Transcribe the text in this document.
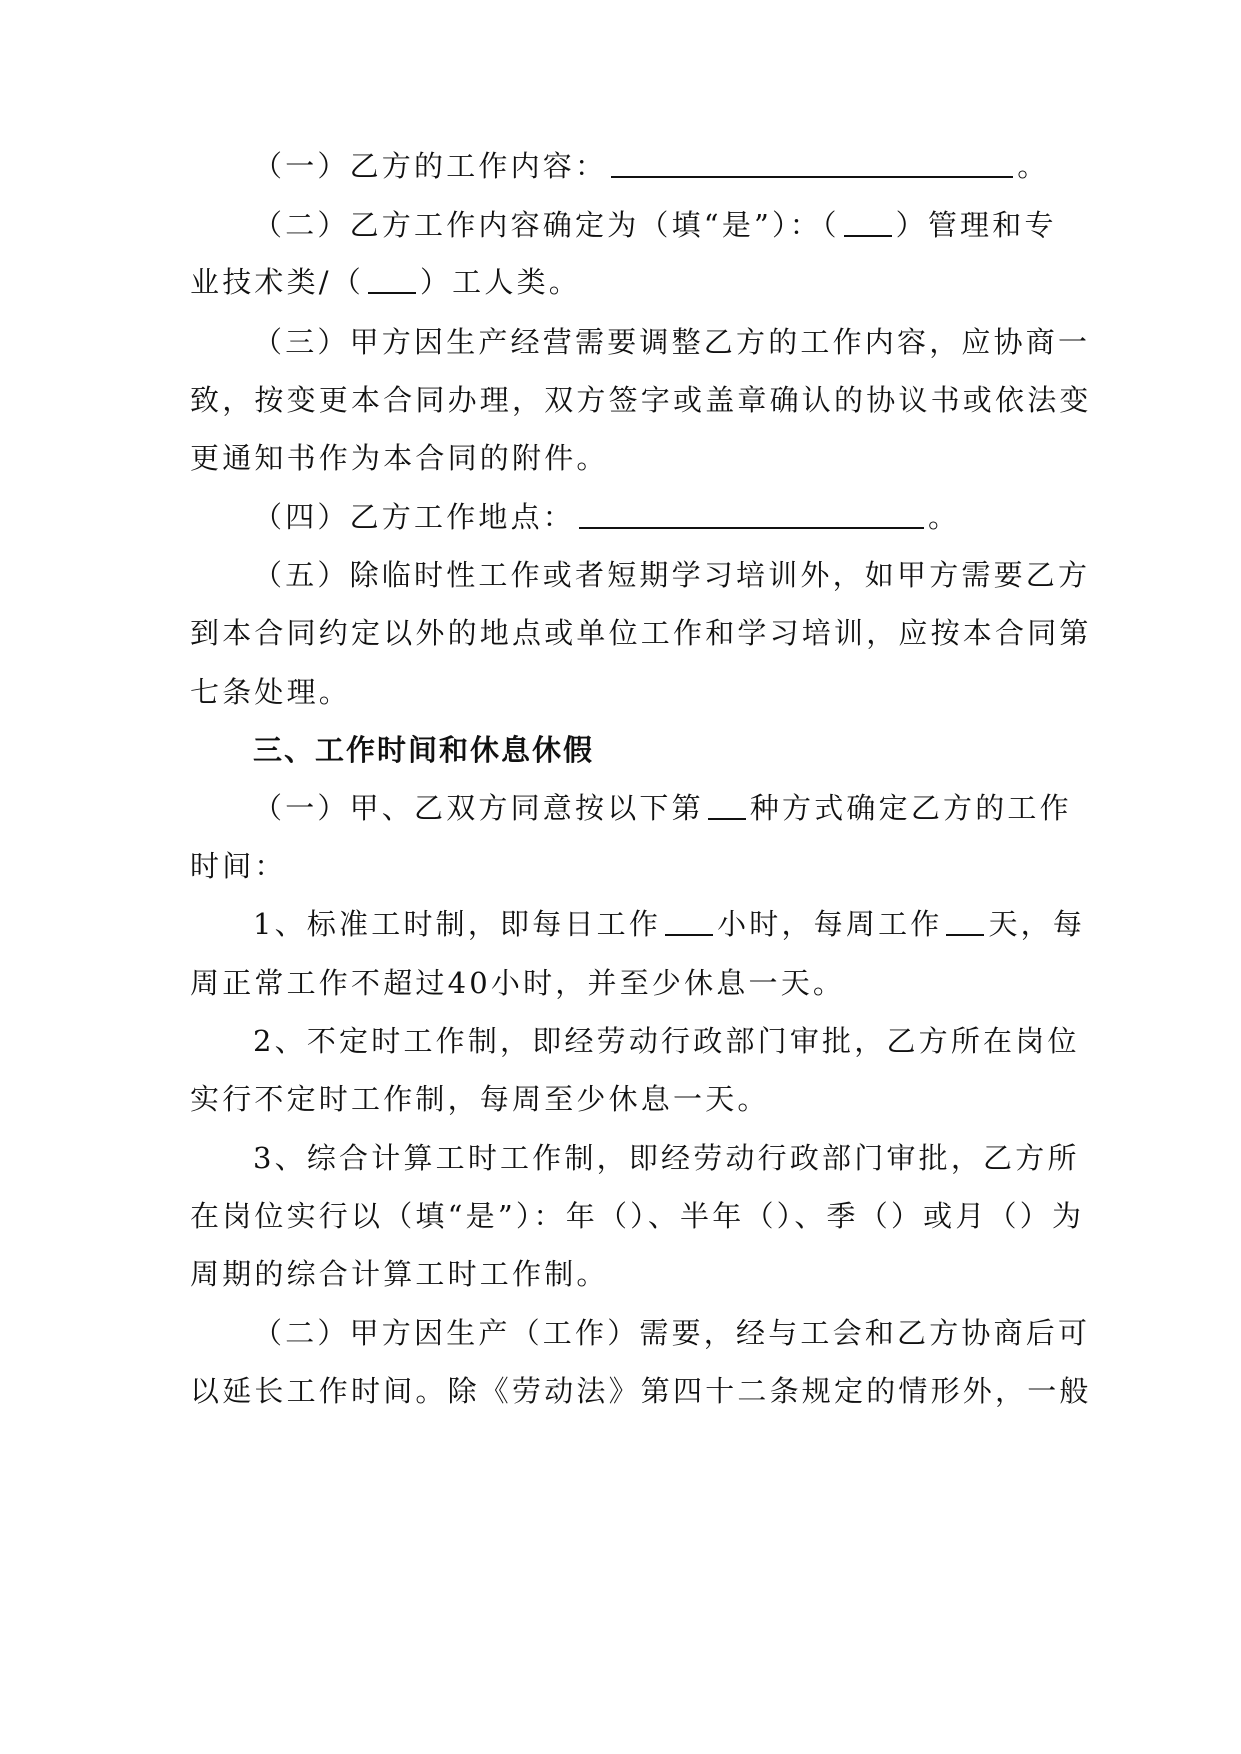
（一）乙方的工作内容：	。
（二）乙方工作内容确定为（填“是”）：（ ）管理和专
业技术类/（ ）工人类。
（三）甲方因生产经营需要调整乙方的工作内容，应协商一
致，按变更本合同办理，双方签字或盖章确认的协议书或依法变
更通知书作为本合同的附件。
（四）乙方工作地点：	。
（五）除临时性工作或者短期学习培训外，如甲方需要乙方
到本合同约定以外的地点或单位工作和学习培训，应按本合同第
七条处理。
三、工作时间和休息休假
（一）甲、乙双方同意按以下第 种方式确定乙方的工作
时间：
1、标准工时制，即每日工作 小时，每周工作 天，每
周正常工作不超过40小时，并至少休息一天。
2、不定时工作制，即经劳动行政部门审批，乙方所在岗位
实行不定时工作制，每周至少休息一天。
3、综合计算工时工作制，即经劳动行政部门审批，乙方所
在岗位实行以（填“是”）：年（）、半年（）、季（）或月（）为
周期的综合计算工时工作制。
（二）甲方因生产（工作）需要，经与工会和乙方协商后可
以延长工作时间。除《劳动法》第四十二条规定的情形外，一般
